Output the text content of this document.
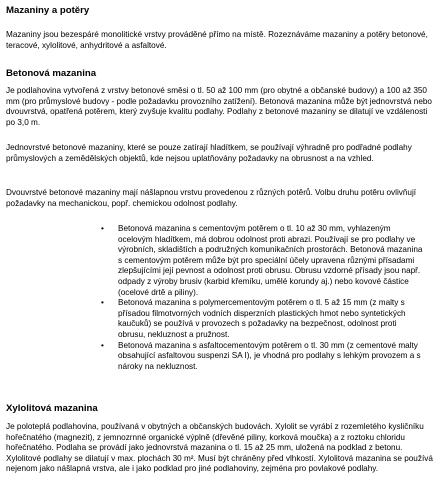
Mazaniny a potěry

Mazaniny jsou bezespáré monolitické vrstvy prováděné přímo na místě. Rozeznáváme mazaniny a potěry betonové, teracové, xylolitové, anhydritové a asfaltové.

Betonová mazanina

Je podlahovina vytvořená z vrstvy betonové směsi o tl. 50 až 100 mm (pro obytné a občanské budovy) a 100 až 350 mm (pro průmyslové budovy - podle požadavku provozního zatížení). Betonová mazanina může být jednovrstvá nebo dvouvrstvá, opatřená potěrem, který zvyšuje kvalitu podlahy. Podlahy z betonové mazaniny se dilatují ve vzdálenosti po 3,0 m.

Jednovrstvé betonové mazaniny, které se pouze zatírají hladítkem, se používají výhradně pro podřadné podlahy průmyslových a zemědělských objektů, kde nejsou uplatňovány požadavky na obrusnost a na vzhled.

Dvouvrstvé betonové mazaniny mají nášlapnou vrstvu provedenou z různých potěrů. Volbu druhu potěru ovlivňují požadavky na mechanickou, popř. chemickou odolnost podlahy.

• Betonová mazanina s cementovým potěrem o tl. 10 až 30 mm, vyhlazeným ocelovým hladítkem, má dobrou odolnost proti abrazi. Používají se pro podlahy ve výrobních, skladištích a podružných komunikačních prostorách. Betonová mazanina s cementovým potěrem může být pro speciální účely upravena různými přísadami zlepšujícími její pevnost a odolnost proti obrusu. Obrusu vzdorné přísady jsou např. odpady z výroby brusiv (karbid křemíku, umělé korundy aj.) nebo kovové částice (ocelové drtě a piliny).
• Betonová mazanina s polymercementovým potěrem o tl. 5 až 15 mm (z malty s přísadou filmotvorných vodních disperzních plastických hmot nebo syntetických kaučuků) se používá v provozech s požadavky na bezpečnost, odolnost proti obrusu, nekluznost a pružnost.
• Betonová mazanina s asfaltocementovým potěrem o tl. 30 mm (z cementové malty obsahující asfaltovou suspenzi SA I), je vhodná pro podlahy s lehkým provozem a s nároky na nekluznost.
Xylolitová mazanina

Je poloteplá podlahovina, používaná v obytných a občanských budovách. Xylolit se vyrábí z rozemletého kysličníku hořečnatého (magnezit), z jemnozrnné organické výplně (dřevěné piliny, korková moučka) a z roztoku chloridu hořečnatého. Podlaha se provádí jako jednovrstvá mazanina o tl. 15 až 25 mm, uložená na podklad z betonu. Xylolitové podlahy se dilatují v max. plochách 30 m². Musí být chráněny před vlhkostí. Xylolitová mazanina se používá nejenom jako nášlapná vrstva, ale i jako podklad pro jiné podlahoviny, zejména pro povlakové podlahy.
